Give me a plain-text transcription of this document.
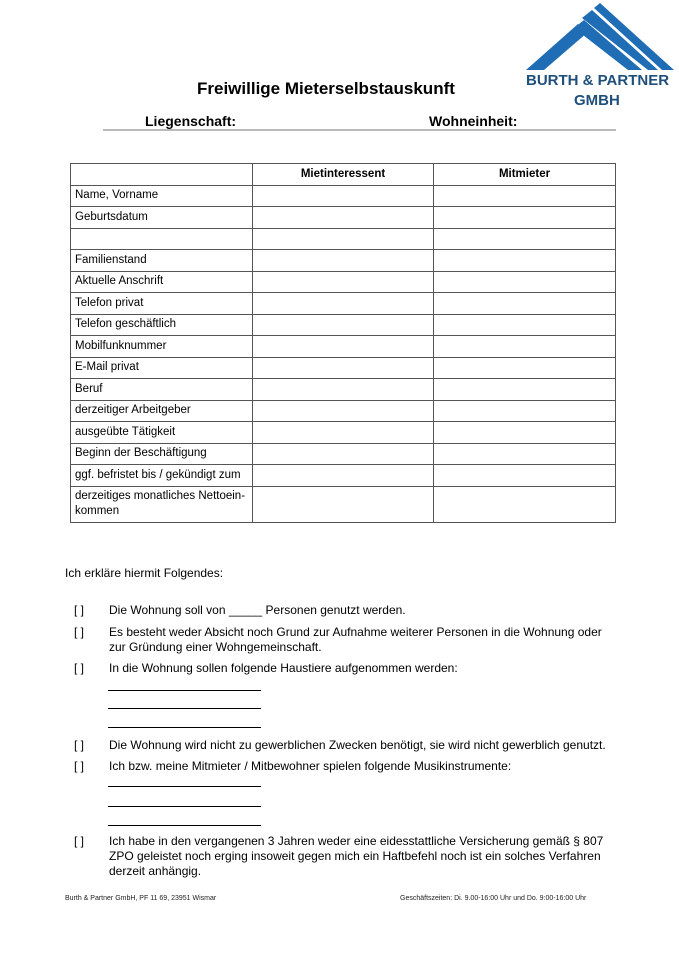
BURTH & PARTNER
GMBH
Freiwillige Mieterselbstauskunft
Liegenschaft:	Wohneinheit:
	Mietinteressent	Mitmieter
Name, Vorname		
Geburtsdatum		

Familienstand		
Aktuelle Anschrift		
Telefon privat		
Telefon geschäftlich		
Mobilfunknummer		
E-Mail privat		
Beruf		
derzeitiger Arbeitgeber		
ausgeübte Tätigkeit		
Beginn der Beschäftigung		
ggf. befristet bis / gekündigt zum		
derzeitiges monatliches Nettoein-kommen		
Ich erkläre hiermit Folgendes:
[ ] Die Wohnung soll von _____ Personen genutzt werden.
[ ] Es besteht weder Absicht noch Grund zur Aufnahme weiterer Personen in die Wohnung oder zur Gründung einer Wohngemeinschaft.
[ ] In die Wohnung sollen folgende Haustiere aufgenommen werden:
[ ] Die Wohnung wird nicht zu gewerblichen Zwecken benötigt, sie wird nicht gewerblich genutzt.
[ ] Ich bzw. meine Mitmieter / Mitbewohner spielen folgende Musikinstrumente:
[ ] Ich habe in den vergangenen 3 Jahren weder eine eidesstattliche Versicherung gemäß § 807 ZPO geleistet noch erging insoweit gegen mich ein Haftbefehl noch ist ein solches Verfahren derzeit anhängig.
Burth & Partner GmbH, PF 11 69, 23951 Wismar	Geschäftszeiten: Di. 9.00-16:00 Uhr und Do. 9:00-16:00 Uhr
